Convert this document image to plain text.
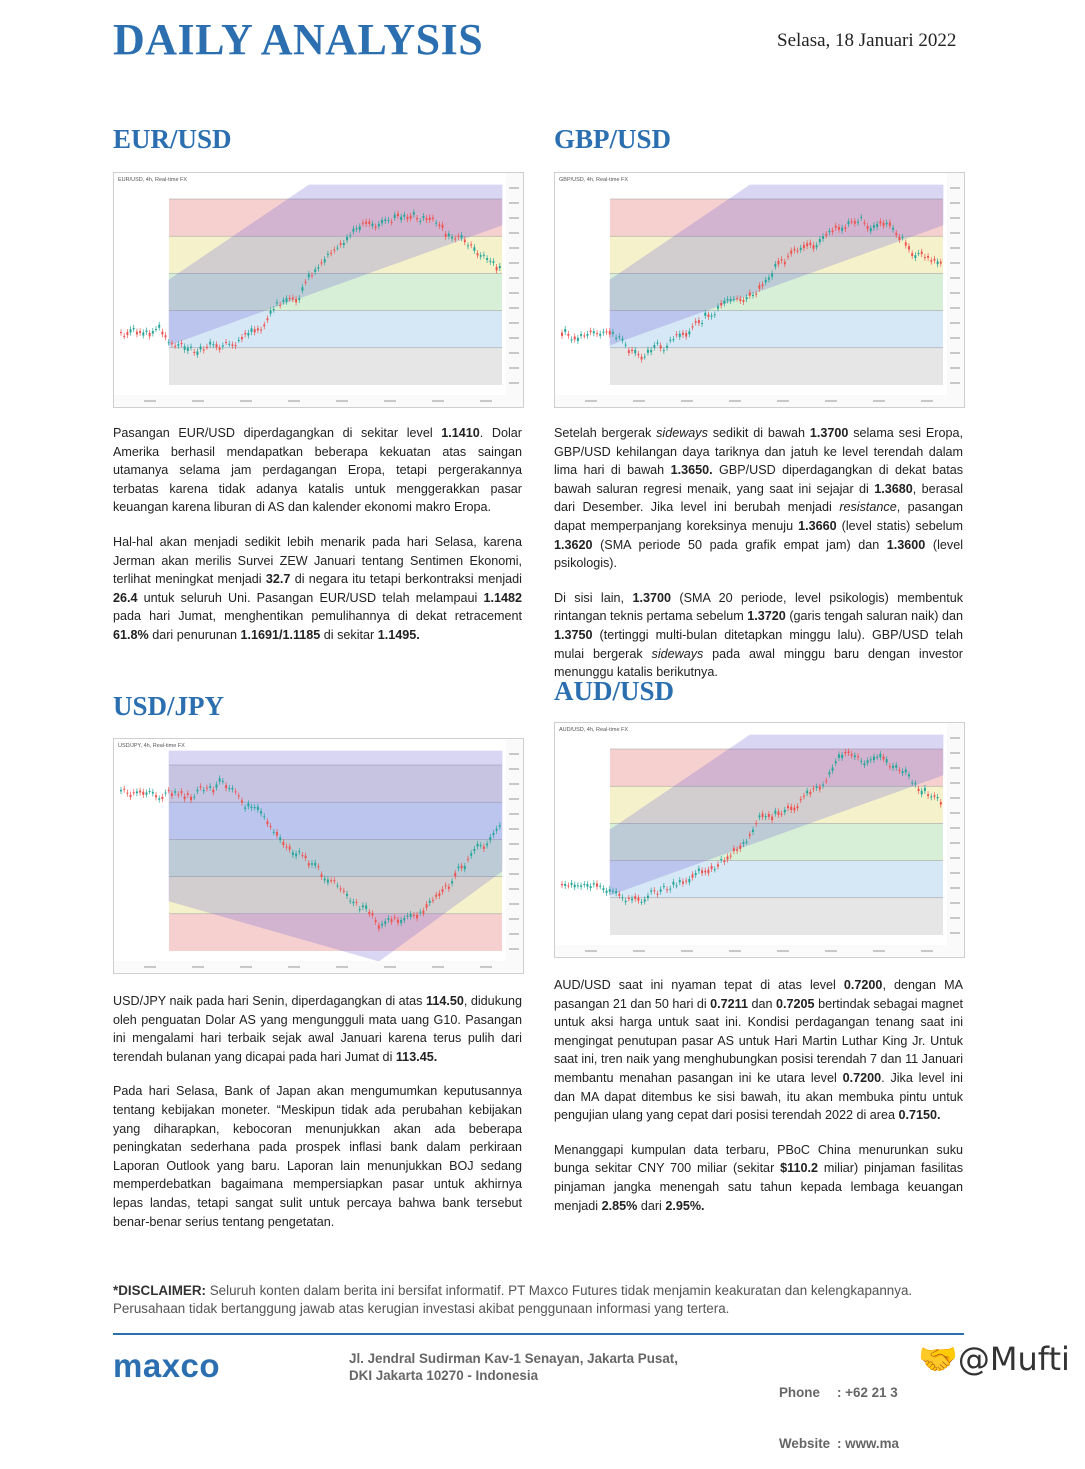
DAILY ANALYSIS	Selasa, 18 Januari 2022
EUR/USD
EUR/USD, 4h, Real-time FX

Pasangan EUR/USD diperdagangkan di sekitar level 1.1410. Dolar Amerika berhasil mendapatkan beberapa kekuatan atas saingan utamanya selama jam perdagangan Eropa, tetapi pergerakannya terbatas karena tidak adanya katalis untuk menggerakkan pasar keuangan karena liburan di AS dan kalender ekonomi makro Eropa.

Hal-hal akan menjadi sedikit lebih menarik pada hari Selasa, karena Jerman akan merilis Survei ZEW Januari tentang Sentimen Ekonomi, terlihat meningkat menjadi 32.7 di negara itu tetapi berkontraksi menjadi 26.4 untuk seluruh Uni. Pasangan EUR/USD telah melampaui 1.1482 pada hari Jumat, menghentikan pemulihannya di dekat retracement 61.8% dari penurunan 1.1691/1.1185 di sekitar 1.1495.

GBP/USD
GBP/USD, 4h, Real-time FX

Setelah bergerak sideways sedikit di bawah 1.3700 selama sesi Eropa, GBP/USD kehilangan daya tariknya dan jatuh ke level terendah dalam lima hari di bawah 1.3650. GBP/USD diperdagangkan di dekat batas bawah saluran regresi menaik, yang saat ini sejajar di 1.3680, berasal dari Desember. Jika level ini berubah menjadi resistance, pasangan dapat memperpanjang koreksinya menuju 1.3660 (level statis) sebelum 1.3620 (SMA periode 50 pada grafik empat jam) dan 1.3600 (level psikologis).

Di sisi lain, 1.3700 (SMA 20 periode, level psikologis) membentuk rintangan teknis pertama sebelum 1.3720 (garis tengah saluran naik) dan 1.3750 (tertinggi multi-bulan ditetapkan minggu lalu). GBP/USD telah mulai bergerak sideways pada awal minggu baru dengan investor menunggu katalis berikutnya.

USD/JPY
USD/JPY, 4h, Real-time FX

USD/JPY naik pada hari Senin, diperdagangkan di atas 114.50, didukung oleh penguatan Dolar AS yang mengungguli mata uang G10. Pasangan ini mengalami hari terbaik sejak awal Januari karena terus pulih dari terendah bulanan yang dicapai pada hari Jumat di 113.45.

Pada hari Selasa, Bank of Japan akan mengumumkan keputusannya tentang kebijakan moneter. “Meskipun tidak ada perubahan kebijakan yang diharapkan, kebocoran menunjukkan akan ada beberapa peningkatan sederhana pada prospek inflasi bank dalam perkiraan Laporan Outlook yang baru. Laporan lain menunjukkan BOJ sedang memperdebatkan bagaimana mempersiapkan pasar untuk akhirnya lepas landas, tetapi sangat sulit untuk percaya bahwa bank tersebut benar-benar serius tentang pengetatan.

AUD/USD
AUD/USD, 4h, Real-time FX

AUD/USD saat ini nyaman tepat di atas level 0.7200, dengan MA pasangan 21 dan 50 hari di 0.7211 dan 0.7205 bertindak sebagai magnet untuk aksi harga untuk saat ini. Kondisi perdagangan tenang saat ini mengingat penutupan pasar AS untuk Hari Martin Luthar King Jr. Untuk saat ini, tren naik yang menghubungkan posisi terendah 7 dan 11 Januari membantu menahan pasangan ini ke utara level 0.7200. Jika level ini dan MA dapat ditembus ke sisi bawah, itu akan membuka pintu untuk pengujian ulang yang cepat dari posisi terendah 2022 di area 0.7150.

Menanggapi kumpulan data terbaru, PBoC China menurunkan suku bunga sekitar CNY 700 miliar (sekitar $110.2 miliar) pinjaman fasilitas pinjaman jangka menengah satu tahun kepada lembaga keuangan menjadi 2.85% dari 2.95%.

*DISCLAIMER: Seluruh konten dalam berita ini bersifat informatif. PT Maxco Futures tidak menjamin keakuratan dan kelengkapannya. Perusahaan tidak bertanggung jawab atas kerugian investasi akibat penggunaan informasi yang tertera.
maxco	Jl. Jendral Sudirman Kav-1 Senayan, Jakarta Pusat,
DKI Jakarta 10270 - Indonesia

Phone : +62 21 3

Website : www.ma

🤝@Mufti
